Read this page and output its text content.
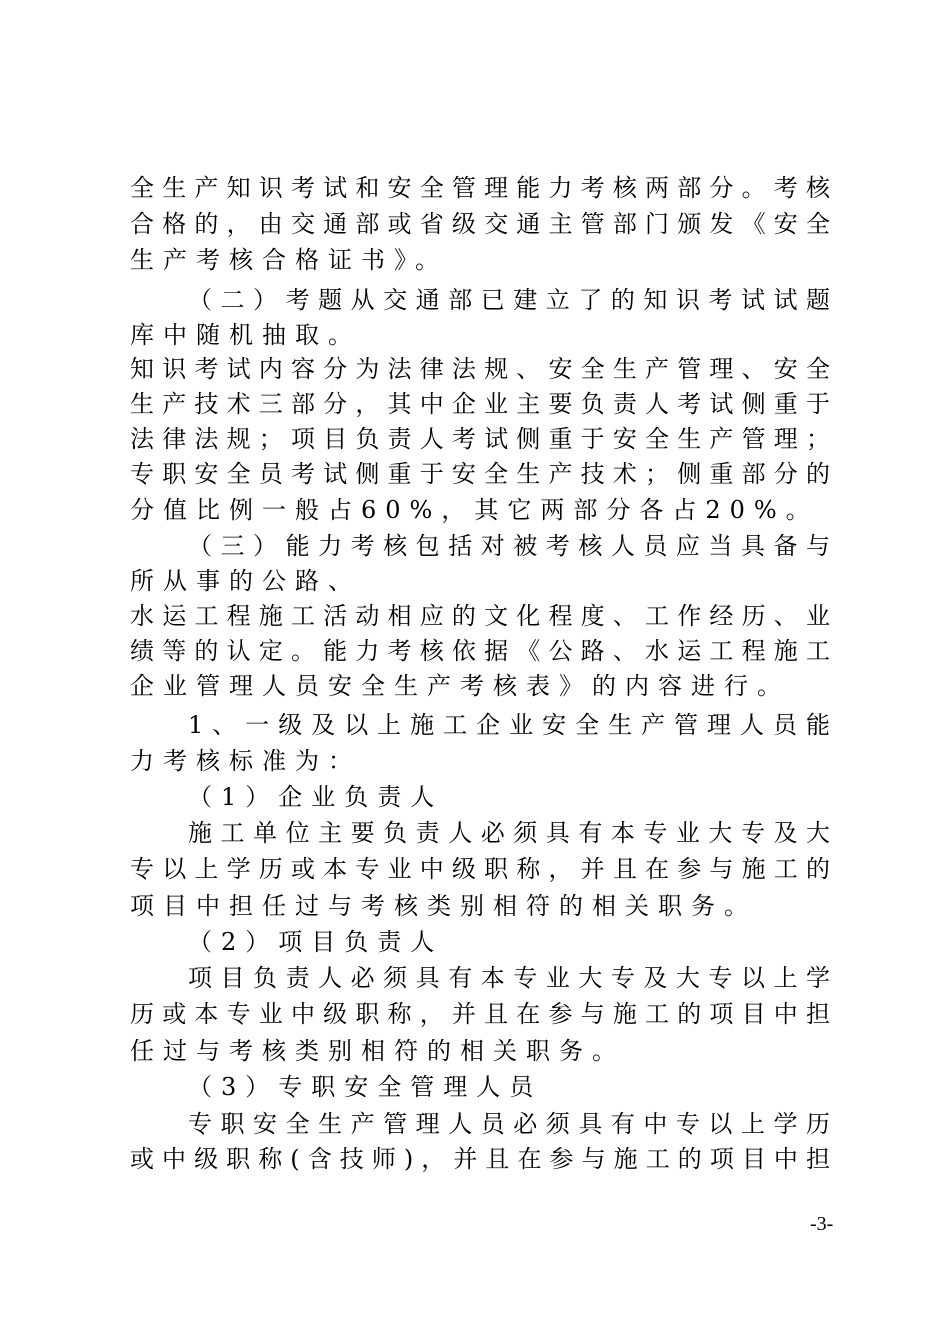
全生产知识考试和安全管理能力考核两部分。考核
合格的，由交通部或省级交通主管部门颁发《安全
生产考核合格证书》。
（二）考题从交通部已建立了的知识考试试题
库中随机抽取。
知识考试内容分为法律法规、安全生产管理、安全
生产技术三部分，其中企业主要负责人考试侧重于
法律法规；项目负责人考试侧重于安全生产管理；
专职安全员考试侧重于安全生产技术；侧重部分的
分值比例一般占60%，其它两部分各占20%。
（三）能力考核包括对被考核人员应当具备与
所从事的公路、
水运工程施工活动相应的文化程度、工作经历、业
绩等的认定。能力考核依据《公路、水运工程施工
企业管理人员安全生产考核表》的内容进行。
1、一级及以上施工企业安全生产管理人员能
力考核标准为：
（1）企业负责人
施工单位主要负责人必须具有本专业大专及大
专以上学历或本专业中级职称，并且在参与施工的
项目中担任过与考核类别相符的相关职务。
（2）项目负责人
项目负责人必须具有本专业大专及大专以上学
历或本专业中级职称，并且在参与施工的项目中担
任过与考核类别相符的相关职务。
（3）专职安全管理人员
专职安全生产管理人员必须具有中专以上学历
或中级职称(含技师)，并且在参与施工的项目中担
-3-
